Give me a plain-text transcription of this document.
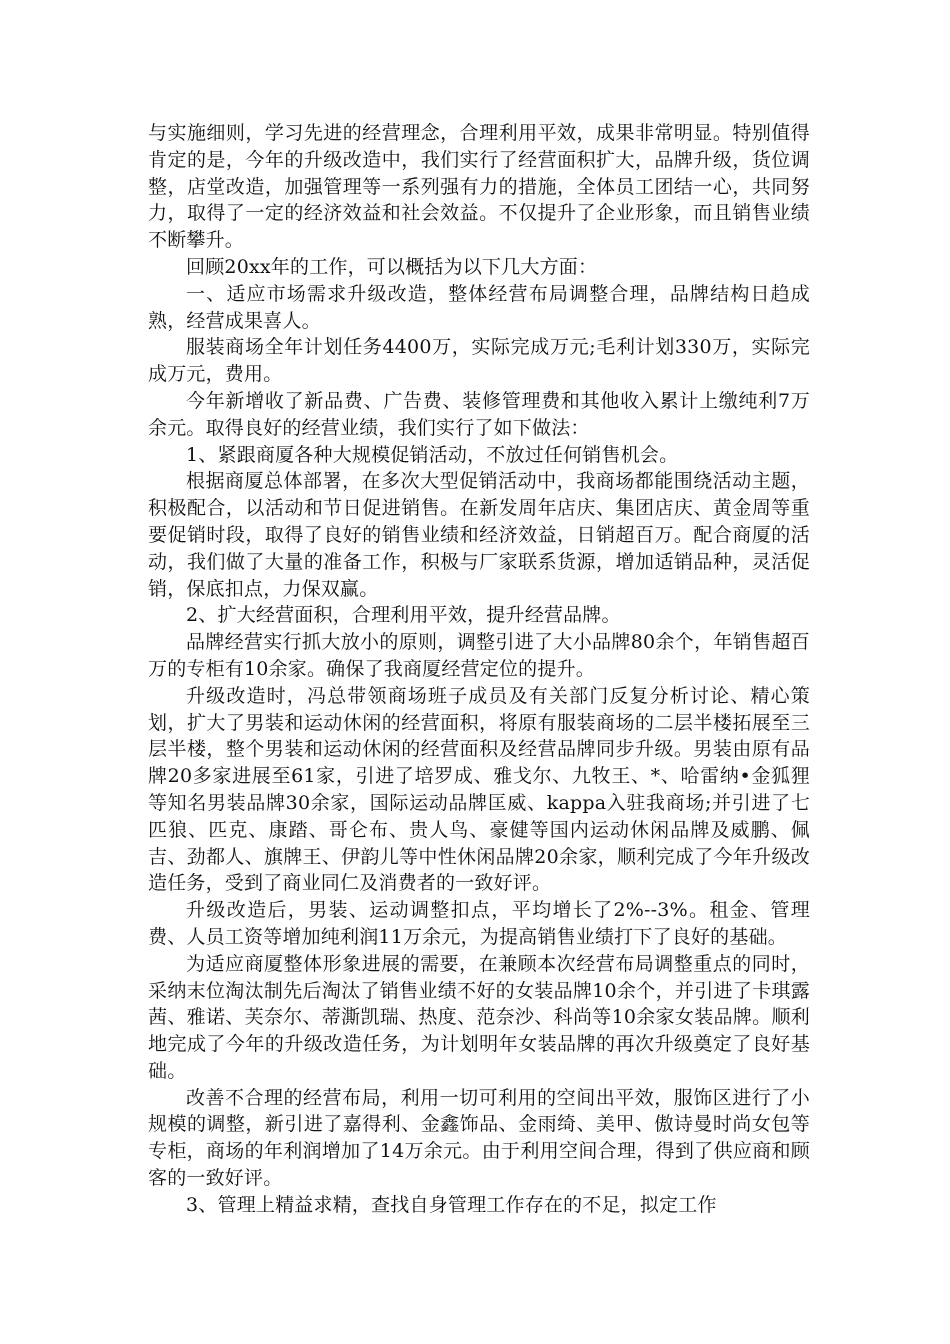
与实施细则，学习先进的经营理念，合理利用平效，成果非常明显。特别值得肯定的是，今年的升级改造中，我们实行了经营面积扩大，品牌升级，货位调整，店堂改造，加强管理等一系列强有力的措施，全体员工团结一心，共同努力，取得了一定的经济效益和社会效益。不仅提升了企业形象，而且销售业绩不断攀升。

回顾20xx年的工作，可以概括为以下几大方面：

一、适应市场需求升级改造，整体经营布局调整合理，品牌结构日趋成熟，经营成果喜人。

服装商场全年计划任务4400万，实际完成万元;毛利计划330万，实际完成万元，费用。

今年新增收了新品费、广告费、装修管理费和其他收入累计上缴纯利7万余元。取得良好的经营业绩，我们实行了如下做法：

1、紧跟商厦各种大规模促销活动，不放过任何销售机会。

根据商厦总体部署，在多次大型促销活动中，我商场都能围绕活动主题，积极配合，以活动和节日促进销售。在新发周年店庆、集团店庆、黄金周等重要促销时段，取得了良好的销售业绩和经济效益，日销超百万。配合商厦的活动，我们做了大量的准备工作，积极与厂家联系货源，增加适销品种，灵活促销，保底扣点，力保双赢。

2、扩大经营面积，合理利用平效，提升经营品牌。

品牌经营实行抓大放小的原则，调整引进了大小品牌80余个，年销售超百万的专柜有10余家。确保了我商厦经营定位的提升。

升级改造时，冯总带领商场班子成员及有关部门反复分析讨论、精心策划，扩大了男装和运动休闲的经营面积，将原有服装商场的二层半楼拓展至三层半楼，整个男装和运动休闲的经营面积及经营品牌同步升级。男装由原有品牌20多家进展至61家，引进了培罗成、雅戈尔、九牧王、*、哈雷纳•金狐狸等知名男装品牌30余家，国际运动品牌匡威、kappa入驻我商场;并引进了七匹狼、匹克、康踏、哥仑布、贵人鸟、豪健等国内运动休闲品牌及威鹏、佩吉、劲都人、旗牌王、伊韵儿等中性休闲品牌20余家，顺利完成了今年升级改造任务，受到了商业同仁及消费者的一致好评。

升级改造后，男装、运动调整扣点，平均增长了2%--3%。租金、管理费、人员工资等增加纯利润11万余元，为提高销售业绩打下了良好的基础。

为适应商厦整体形象进展的需要，在兼顾本次经营布局调整重点的同时，采纳末位淘汰制先后淘汰了销售业绩不好的女装品牌10余个，并引进了卡琪露茜、雅诺、芙奈尔、蒂澌凯瑞、热度、范奈沙、科尚等10余家女装品牌。顺利地完成了今年的升级改造任务，为计划明年女装品牌的再次升级奠定了良好基础。

改善不合理的经营布局，利用一切可利用的空间出平效，服饰区进行了小规模的调整，新引进了嘉得利、金鑫饰品、金雨绮、美甲、傲诗曼时尚女包等专柜，商场的年利润增加了14万余元。由于利用空间合理，得到了供应商和顾客的一致好评。

3、管理上精益求精，查找自身管理工作存在的不足，拟定工作
